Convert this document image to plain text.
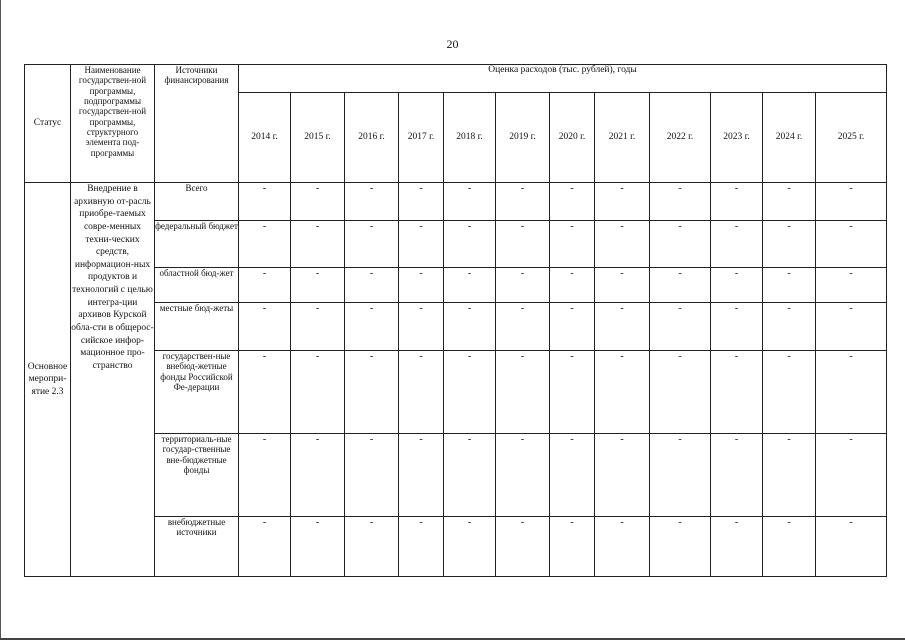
20
Статус	Наименование государствен-ной программы, подпрограммы государствен-ной программы, структурного элемента под-программы	Источники финансирования	Оценка расходов (тыс. рублей), годы											
			2014 г.	2015 г.	2016 г.	2017 г.	2018 г.	2019 г.	2020 г.	2021 г.	2022 г.	2023 г.	2024 г.	2025 г.
Основное меропри-ятие 2.3	Внедрение в архивную от-расль приобре-таемых совре-менных техни-ческих средств, информацион-ных продуктов и технологий с целью интегра-ции архивов Курской обла-сти в общерос-сийское инфор-мационное про-странство	Всего	-	-	-	-	-	-	-	-	-	-	-	-
		федеральный бюджет	-	-	-	-	-	-	-	-	-	-	-	-
		областной бюд-жет	-	-	-	-	-	-	-	-	-	-	-	-
		местные бюд-жеты	-	-	-	-	-	-	-	-	-	-	-	-
		государствен-ные внебюд-жетные фонды Российской Фе-дерации	-	-	-	-	-	-	-	-	-	-	-	-
		территориаль-ные государ-ственные вне-бюджетные фонды	-	-	-	-	-	-	-	-	-	-	-	-
		внебюджетные источники	-	-	-	-	-	-	-	-	-	-	-	-
